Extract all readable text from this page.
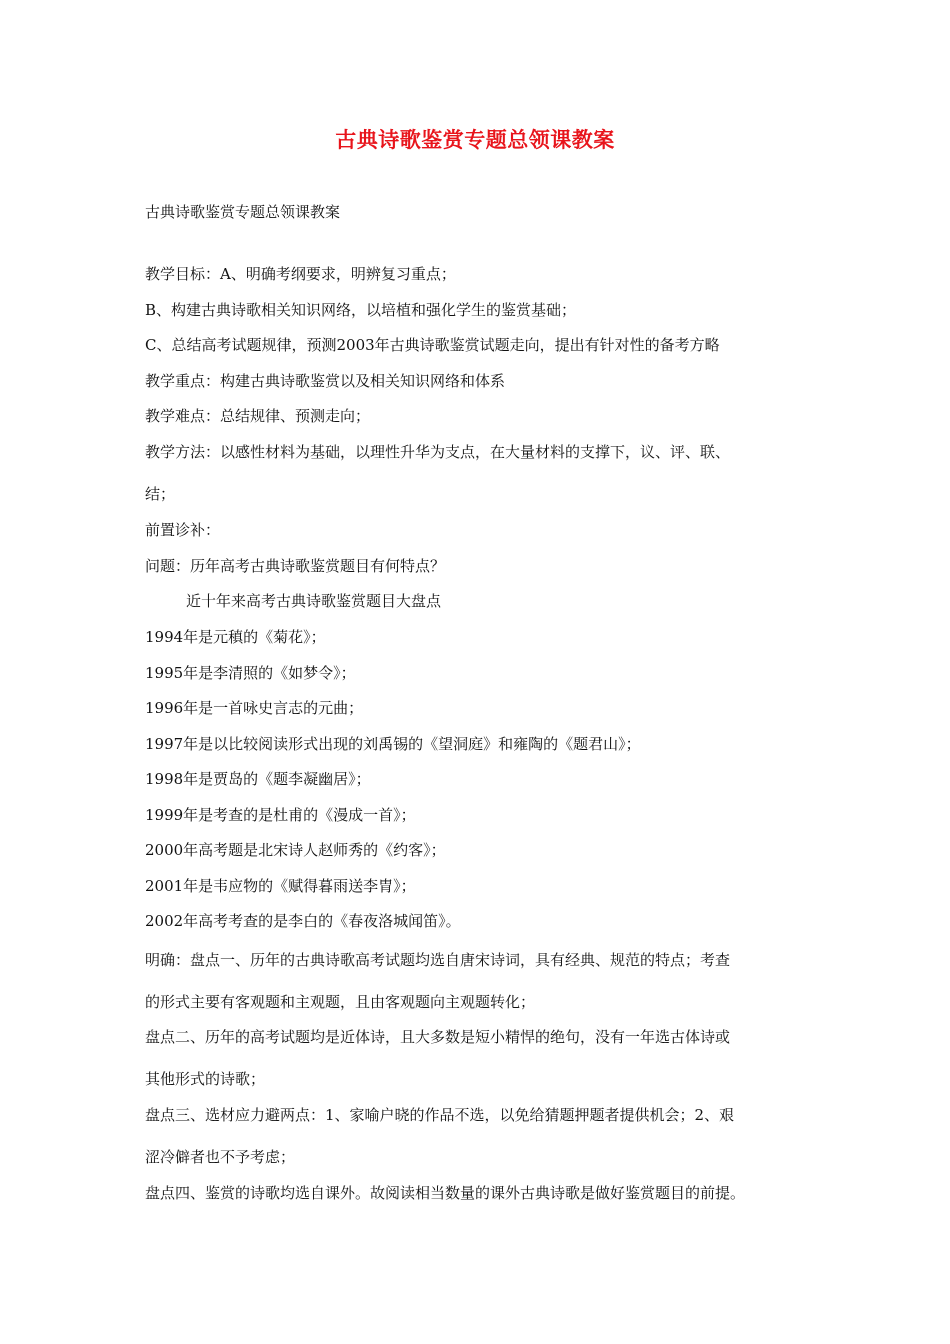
古典诗歌鉴赏专题总领课教案
古典诗歌鉴赏专题总领课教案
教学目标：A、明确考纲要求，明辨复习重点；
B、构建古典诗歌相关知识网络，以培植和强化学生的鉴赏基础；
C、总结高考试题规律，预测2003年古典诗歌鉴赏试题走向，提出有针对性的备考方略
教学重点：构建古典诗歌鉴赏以及相关知识网络和体系
教学难点：总结规律、预测走向；
教学方法：以感性材料为基础，以理性升华为支点，在大量材料的支撑下，议、评、联、
结；
前置诊补：
问题：历年高考古典诗歌鉴赏题目有何特点？
近十年来高考古典诗歌鉴赏题目大盘点
1994年是元稹的《菊花》；
1995年是李清照的《如梦令》；
1996年是一首咏史言志的元曲；
1997年是以比较阅读形式出现的刘禹锡的《望洞庭》和雍陶的《题君山》；
1998年是贾岛的《题李凝幽居》；
1999年是考查的是杜甫的《漫成一首》；
2000年高考题是北宋诗人赵师秀的《约客》；
2001年是韦应物的《赋得暮雨送李胄》；
2002年高考考查的是李白的《春夜洛城闻笛》。
明确：盘点一、历年的古典诗歌高考试题均选自唐宋诗词，具有经典、规范的特点；考查
的形式主要有客观题和主观题，且由客观题向主观题转化；
盘点二、历年的高考试题均是近体诗，且大多数是短小精悍的绝句，没有一年选古体诗或
其他形式的诗歌；
盘点三、选材应力避两点：1、家喻户晓的作品不选，以免给猜题押题者提供机会；2、艰
涩冷僻者也不予考虑；
盘点四、鉴赏的诗歌均选自课外。故阅读相当数量的课外古典诗歌是做好鉴赏题目的前提。
